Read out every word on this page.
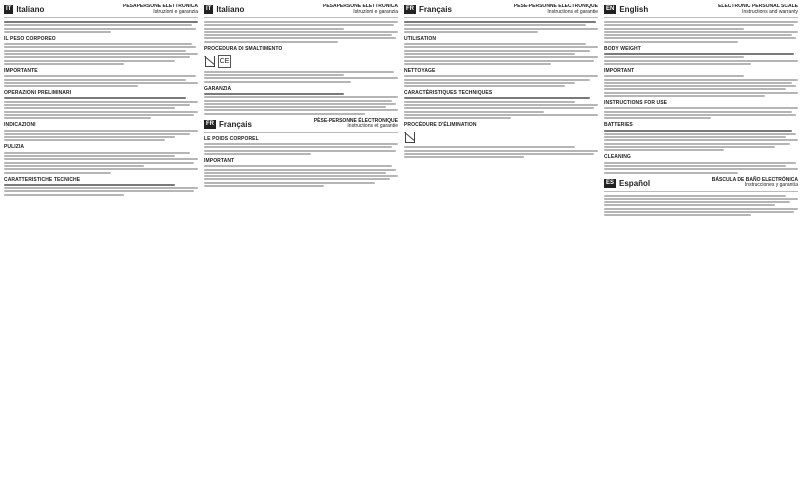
IT Italiano	PESAPERSONE ELETTRONICA
Istruzioni e garanzia
IL PESO CORPOREO
IMPORTANTE
OPERAZIONI PRELIMINARI
INDICAZIONI
PULIZIA
CARATTERISTICHE TECNICHE
IT Italiano	PESAPERSONE ELETTRONICA
Istruzioni e garanzia
PROCEDURA DI SMALTIMENTO
CE
GARANZIA
FR Français	PÈSE-PERSONNE ÉLECTRONIQUE
Instructions et garantie
LE POIDS CORPOREL
IMPORTANT
FR Français	PÈSE-PERSONNE ÉLECTRONIQUE
Instructions et garantie
UTILISATION
NETTOYAGE
CARACTÉRISTIQUES TECHNIQUES
PROCÉDURE D'ÉLIMINATION
EN English	ELECTRONIC PERSONAL SCALE
Instructions and warranty
BODY WEIGHT
IMPORTANT
INSTRUCTIONS FOR USE
BATTERIES
CLEANING
ES Español	BÁSCULA DE BAÑO ELECTRÓNICA
Instrucciones y garantía
